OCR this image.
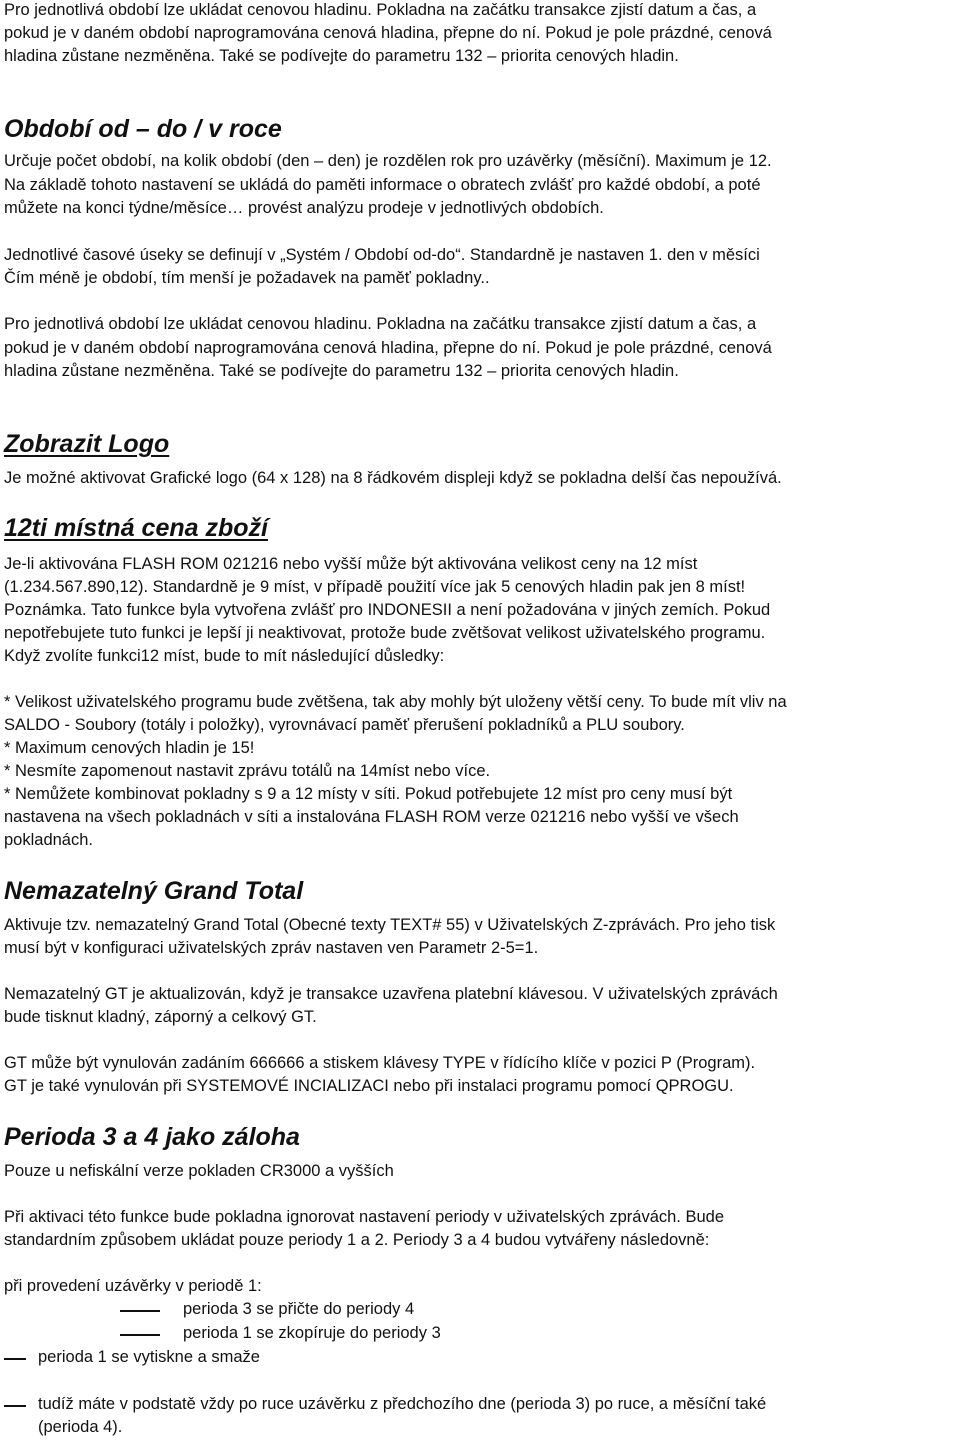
Pro jednotlivá období lze ukládat cenovou hladinu. Pokladna na začátku transakce zjistí datum a čas, a

pokud je v daném období naprogramována cenová hladina, přepne do ní. Pokud je pole prázdné, cenová

hladina zůstane nezměněna. Také se podívejte do parametru 132 – priorita cenových hladin.

Období od – do / v roce

Určuje počet období, na kolik období (den – den) je rozdělen rok pro uzávěrky (měsíční). Maximum je 12.

Na základě tohoto nastavení se ukládá do paměti informace o obratech zvlášť pro každé období, a poté

můžete na konci týdne/měsíce… provést analýzu prodeje v jednotlivých obdobích.

Jednotlivé časové úseky se definují v „Systém / Období od-do“. Standardně je nastaven 1. den v měsíci

Čím méně je období, tím menší je požadavek na paměť pokladny..

Pro jednotlivá období lze ukládat cenovou hladinu. Pokladna na začátku transakce zjistí datum a čas, a

pokud je v daném období naprogramována cenová hladina, přepne do ní. Pokud je pole prázdné, cenová

hladina zůstane nezměněna. Také se podívejte do parametru 132 – priorita cenových hladin.

Zobrazit Logo

Je možné aktivovat Grafické logo (64 x 128) na 8 řádkovém displeji když se pokladna delší čas nepoužívá.

12ti místná cena zboží

Je-li aktivována FLASH ROM 021216 nebo vyšší může být aktivována velikost ceny na 12 míst

(1.234.567.890,12). Standardně je 9 míst, v případě použití více jak 5 cenových hladin pak jen 8 míst!

Poznámka. Tato funkce byla vytvořena zvlášť pro INDONESII a není požadována v jiných zemích. Pokud

nepotřebujete tuto funkci je lepší ji neaktivovat, protože bude zvětšovat velikost uživatelského programu.

Když zvolíte funkci12 míst, bude to mít následující důsledky:

* Velikost uživatelského programu bude zvětšena, tak aby mohly být uloženy větší ceny. To bude mít vliv na

SALDO - Soubory (totály i položky), vyrovnávací paměť přerušení pokladníků a PLU soubory.

* Maximum cenových hladin je 15!

* Nesmíte zapomenout nastavit zprávu totálů na 14míst nebo více.

* Nemůžete kombinovat pokladny s 9 a 12 místy v síti. Pokud potřebujete 12 míst pro ceny musí být

nastavena na všech pokladnách v síti a instalována FLASH ROM verze 021216 nebo vyšší ve všech

pokladnách.

Nemazatelný Grand Total

Aktivuje tzv. nemazatelný Grand Total (Obecné texty TEXT# 55) v Uživatelských Z-zprávách. Pro jeho tisk

musí být v konfiguraci uživatelských zpráv nastaven ven Parametr 2-5=1.

Nemazatelný GT je aktualizován, když je transakce uzavřena platební klávesou. V uživatelských zprávách

bude tisknut kladný, záporný a celkový GT.

GT může být vynulován zadáním 666666 a stiskem klávesy TYPE v řídícího klíče v pozici P (Program).

GT je také vynulován při SYSTEMOVÉ INCIALIZACI nebo při instalaci programu pomocí QPROGU.

Perioda 3 a 4 jako záloha

Pouze u nefiskální verze pokladen CR3000 a vyšších

Při aktivaci této funkce bude pokladna ignorovat nastavení periody v uživatelských zprávách. Bude

standardním způsobem ukládat pouze periody 1 a 2. Periody 3 a 4 budou vytvářeny následovně:

při provedení uzávěrky v periodě 1:

perioda 3 se přičte do periody 4

perioda 1 se zkopíruje do periody 3

perioda 1 se vytiskne a smaže

tudíž máte v podstatě vždy po ruce uzávěrku z předchozího dne (perioda 3) po ruce, a měsíční také

(perioda 4).
